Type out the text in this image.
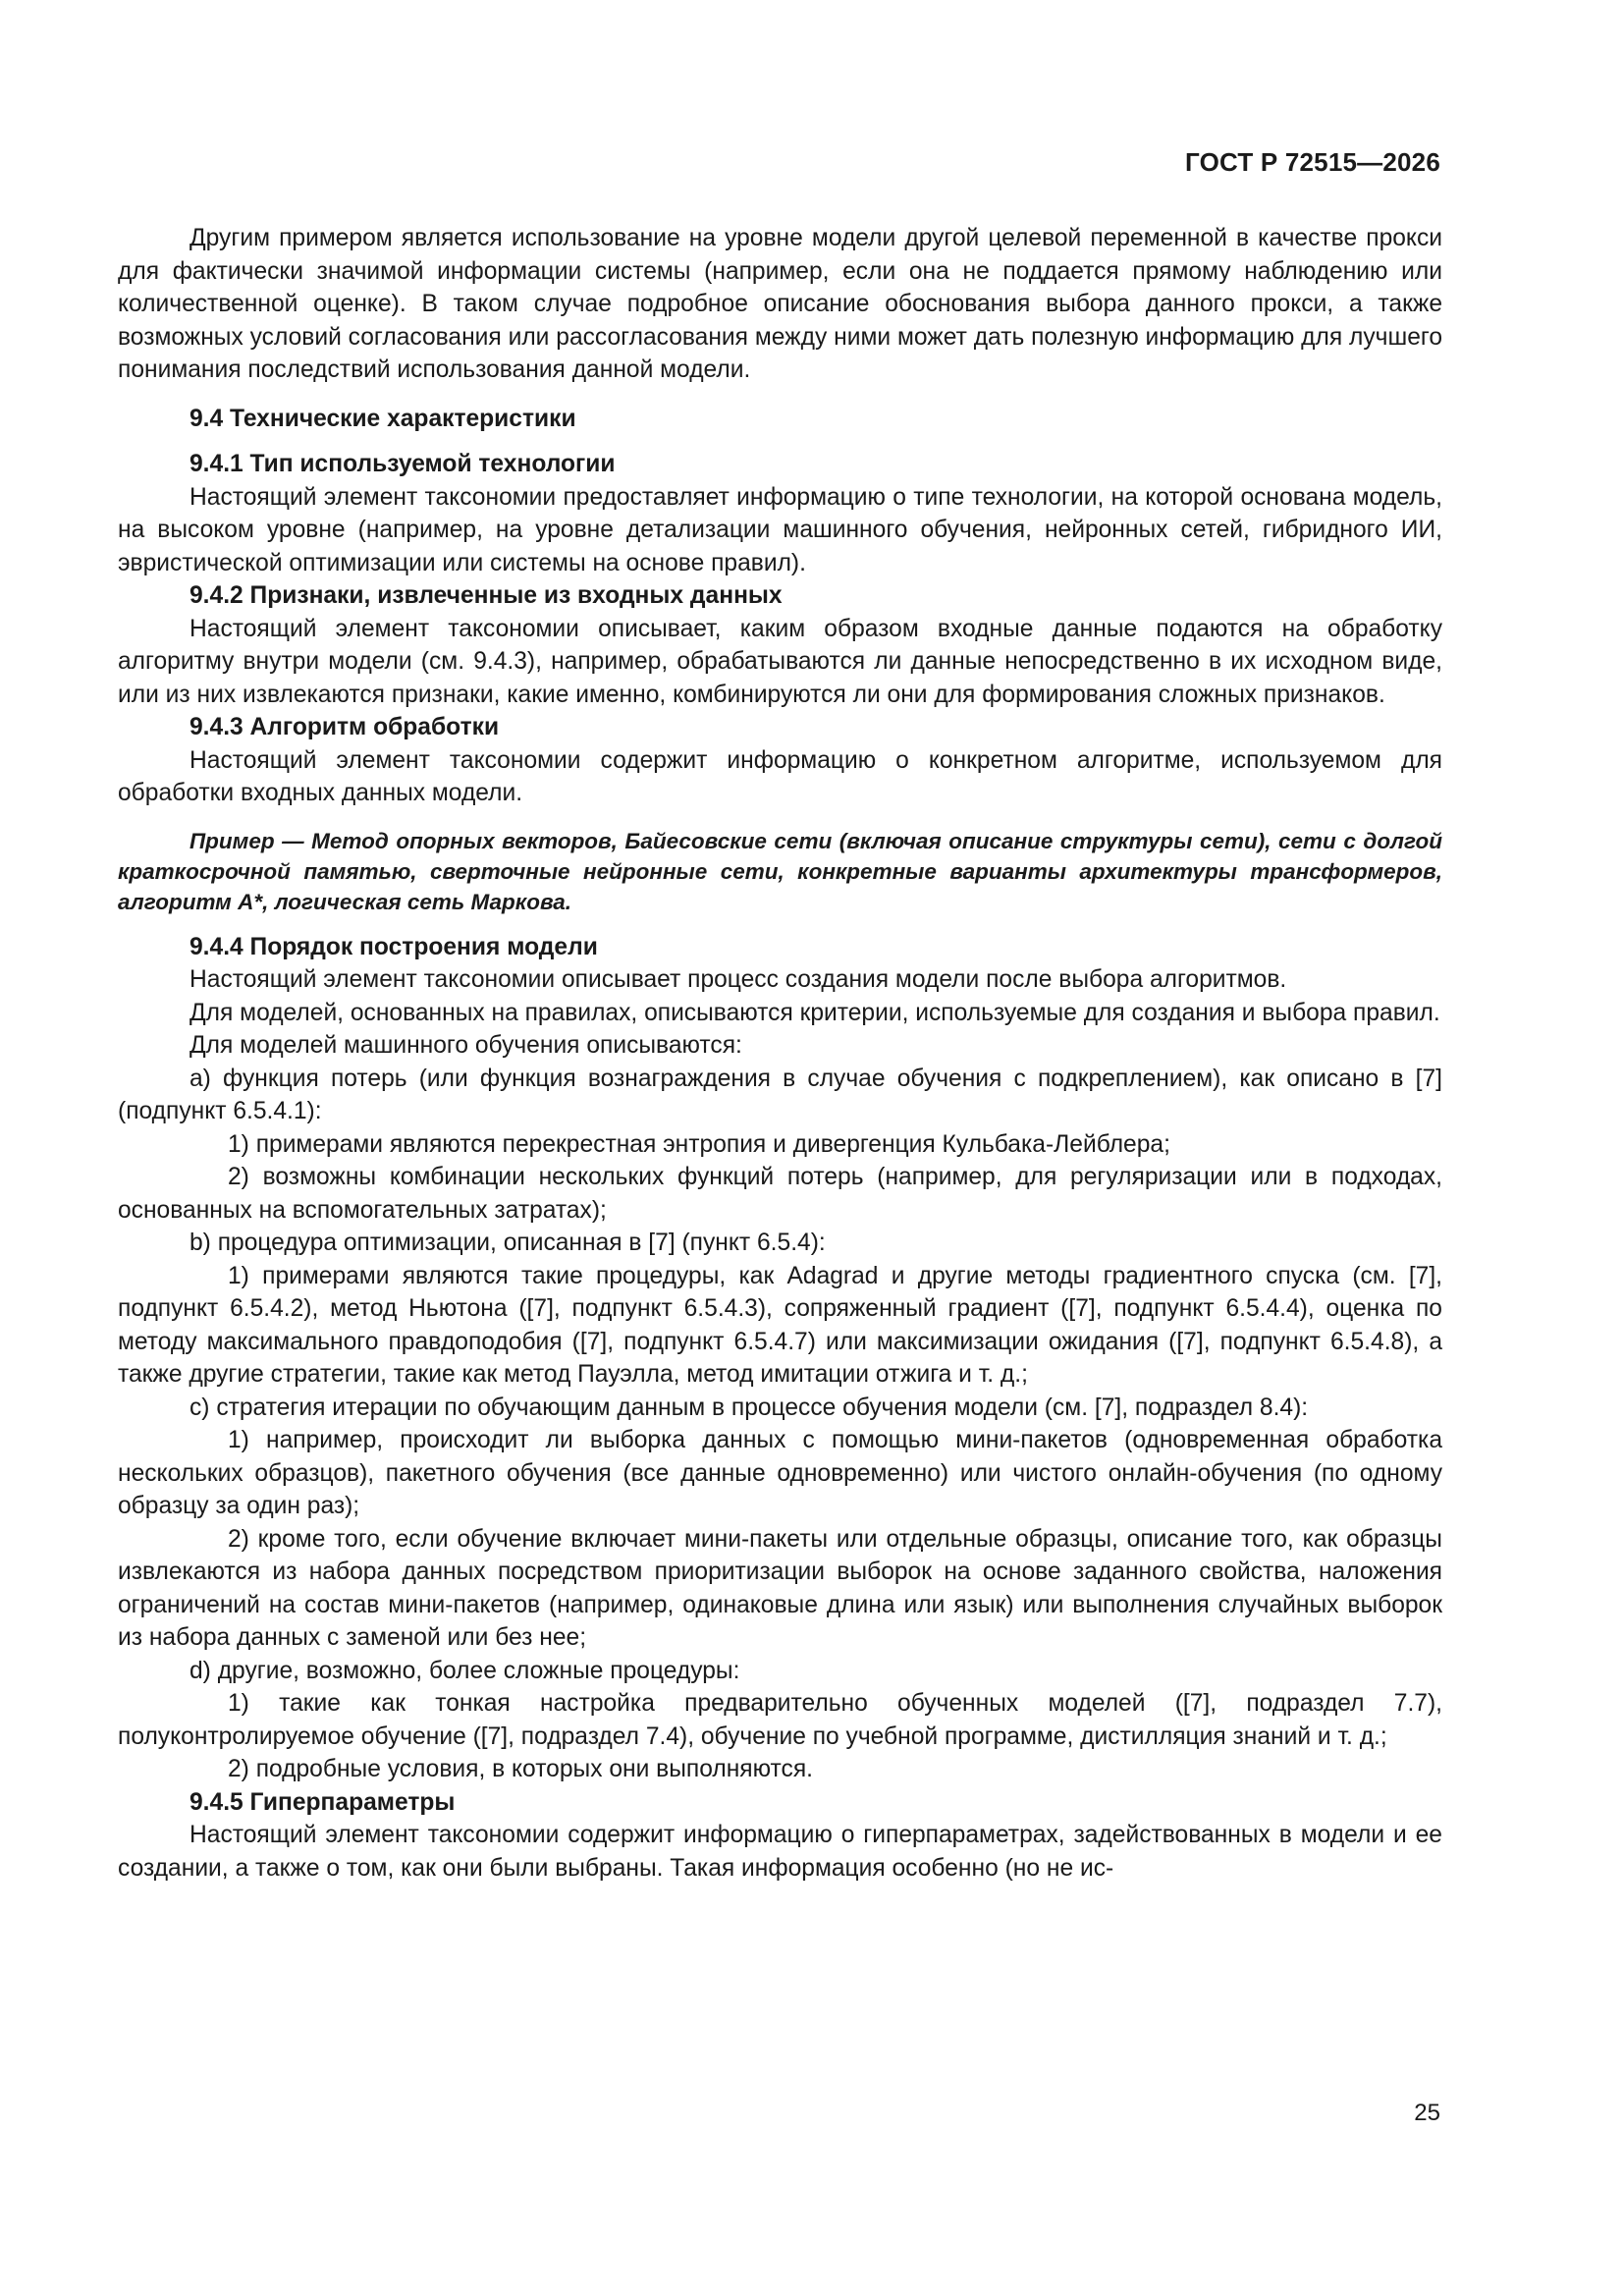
ГОСТ Р 72515—2026

Другим примером является использование на уровне модели другой целевой переменной в качестве прокси для фактически значимой информации системы (например, если она не поддается прямому наблюдению или количественной оценке). В таком случае подробное описание обоснования выбора данного прокси, а также возможных условий согласования или рассогласования между ними может дать полезную информацию для лучшего понимания последствий использования данной модели.

9.4 Технические характеристики

9.4.1 Тип используемой технологии

Настоящий элемент таксономии предоставляет информацию о типе технологии, на которой основана модель, на высоком уровне (например, на уровне детализации машинного обучения, нейронных сетей, гибридного ИИ, эвристической оптимизации или системы на основе правил).

9.4.2 Признаки, извлеченные из входных данных

Настоящий элемент таксономии описывает, каким образом входные данные подаются на обработку алгоритму внутри модели (см. 9.4.3), например, обрабатываются ли данные непосредственно в их исходном виде, или из них извлекаются признаки, какие именно, комбинируются ли они для формирования сложных признаков.

9.4.3 Алгоритм обработки

Настоящий элемент таксономии содержит информацию о конкретном алгоритме, используемом для обработки входных данных модели.

Пример — Метод опорных векторов, Байесовские сети (включая описание структуры сети), сети с долгой краткосрочной памятью, сверточные нейронные сети, конкретные варианты архитектуры трансформеров, алгоритм A*, логическая сеть Маркова.

9.4.4 Порядок построения модели

Настоящий элемент таксономии описывает процесс создания модели после выбора алгоритмов.

Для моделей, основанных на правилах, описываются критерии, используемые для создания и выбора правил.

Для моделей машинного обучения описываются:

a) функция потерь (или функция вознаграждения в случае обучения с подкреплением), как описано в [7] (подпункт 6.5.4.1):

1) примерами являются перекрестная энтропия и дивергенция Кульбака-Лейблера;

2) возможны комбинации нескольких функций потерь (например, для регуляризации или в подходах, основанных на вспомогательных затратах);

b) процедура оптимизации, описанная в [7] (пункт 6.5.4):

1) примерами являются такие процедуры, как Adagrad и другие методы градиентного спуска (см. [7], подпункт 6.5.4.2), метод Ньютона ([7], подпункт 6.5.4.3), сопряженный градиент ([7], подпункт 6.5.4.4), оценка по методу максимального правдоподобия ([7], подпункт 6.5.4.7) или максимизации ожидания ([7], подпункт 6.5.4.8), а также другие стратегии, такие как метод Пауэлла, метод имитации отжига и т. д.;

c) стратегия итерации по обучающим данным в процессе обучения модели (см. [7], подраздел 8.4):

1) например, происходит ли выборка данных с помощью мини-пакетов (одновременная обработка нескольких образцов), пакетного обучения (все данные одновременно) или чистого онлайн-обучения (по одному образцу за один раз);

2) кроме того, если обучение включает мини-пакеты или отдельные образцы, описание того, как образцы извлекаются из набора данных посредством приоритизации выборок на основе заданного свойства, наложения ограничений на состав мини-пакетов (например, одинаковые длина или язык) или выполнения случайных выборок из набора данных с заменой или без нее;

d) другие, возможно, более сложные процедуры:

1) такие как тонкая настройка предварительно обученных моделей ([7], подраздел 7.7), полуконтролируемое обучение ([7], подраздел 7.4), обучение по учебной программе, дистилляция знаний и т. д.;

2) подробные условия, в которых они выполняются.

9.4.5 Гиперпараметры

Настоящий элемент таксономии содержит информацию о гиперпараметрах, задействованных в модели и ее создании, а также о том, как они были выбраны. Такая информация особенно (но не ис-

25
